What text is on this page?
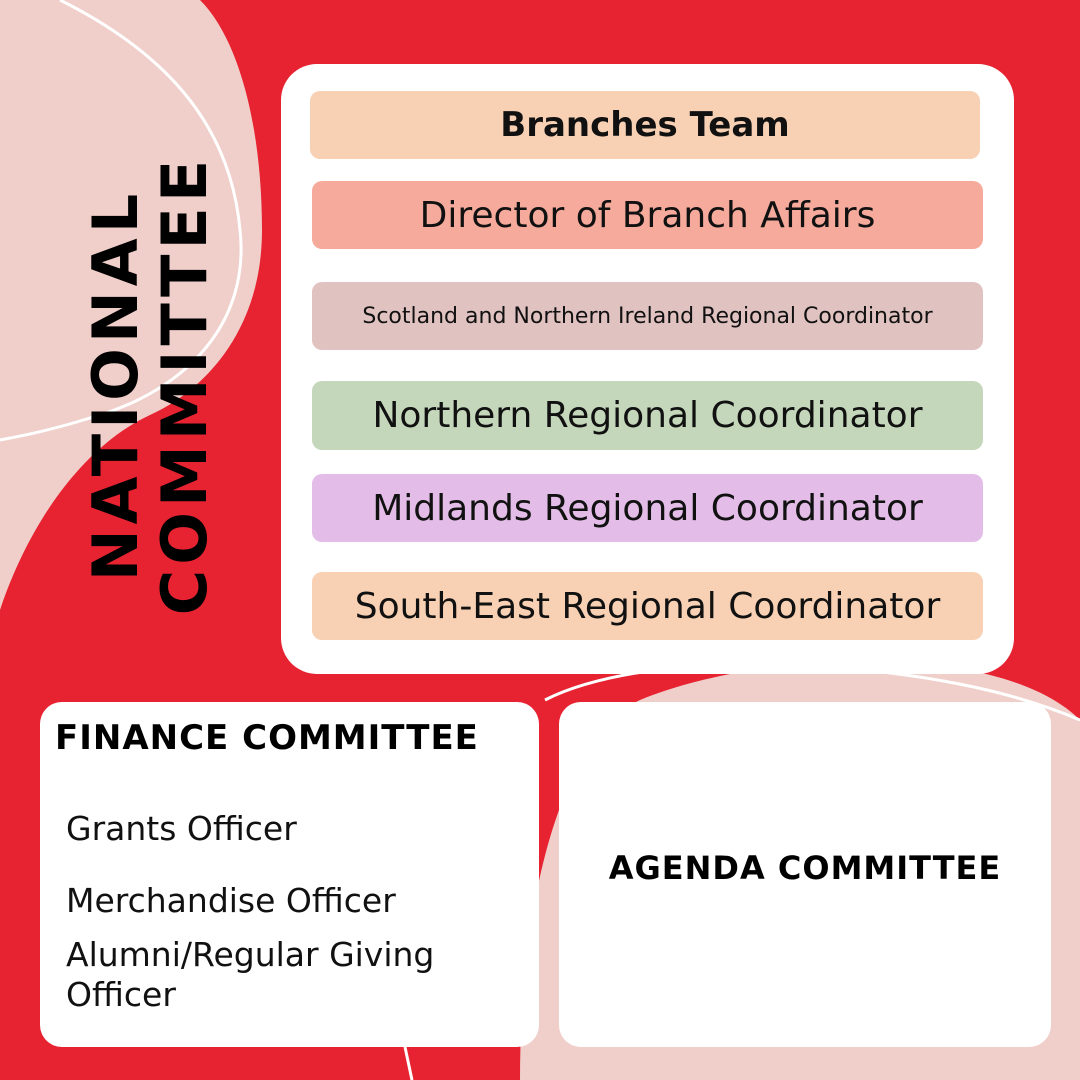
NATIONAL
COMMITTEE
Branches Team
Director of Branch Affairs
Scotland and Northern Ireland Regional Coordinator
Northern Regional Coordinator
Midlands Regional Coordinator
South-East Regional Coordinator
FINANCE COMMITTEE

Grants Officer

Merchandise Officer

Alumni/Regular Giving Officer

AGENDA COMMITTEE
